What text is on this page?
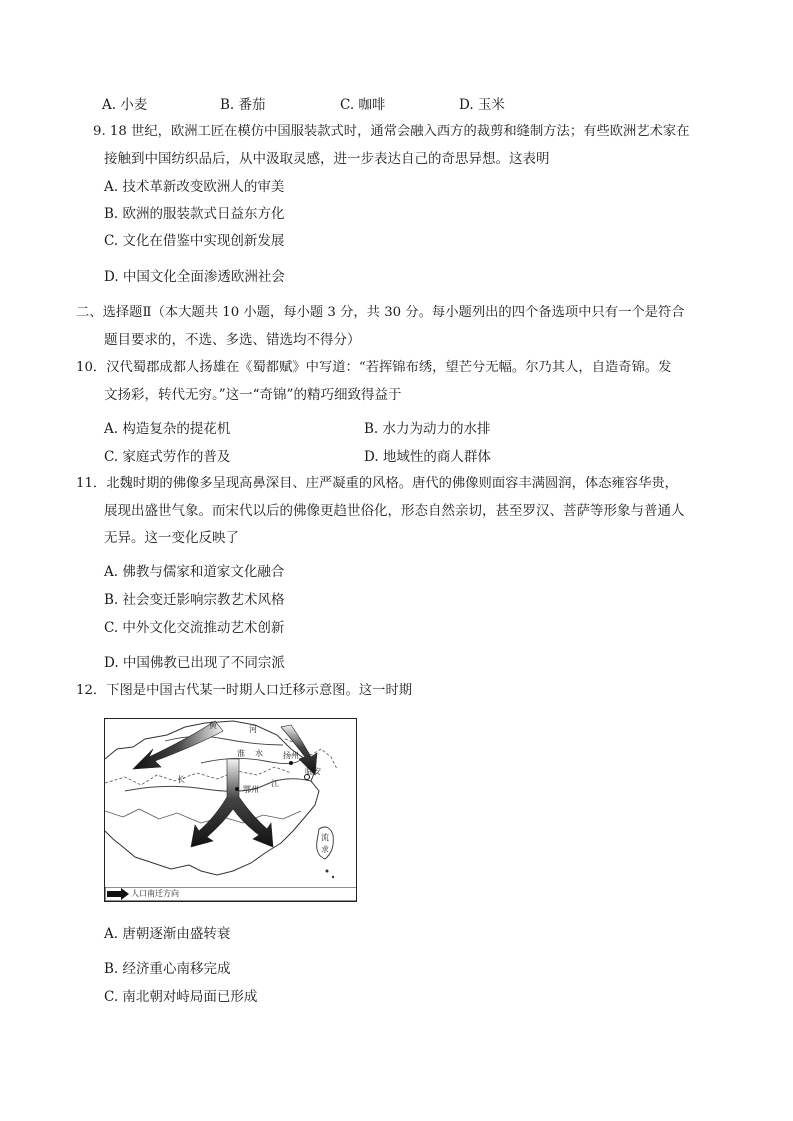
A. 小麦	B. 番茄	C. 咖啡	D. 玉米
9. 18 世纪，欧洲工匠在模仿中国服装款式时，通常会融入西方的裁剪和缝制方法；有些欧洲艺术家在
接触到中国纺织品后，从中汲取灵感，进一步表达自己的奇思异想。这表明
A. 技术革新改变欧洲人的审美
B. 欧洲的服装款式日益东方化
C. 文化在借鉴中实现创新发展
D. 中国文化全面渗透欧洲社会
二、选择题Ⅱ（本大题共 10 小题，每小题 3 分，共 30 分。每小题列出的四个备选项中只有一个是符合
题目要求的，不选、多选、错选均不得分）
10．汉代蜀郡成都人扬雄在《蜀都赋》中写道：“若挥锦布绣，望芒兮无幅。尔乃其人，自造奇锦。发
文扬彩，转代无穷。”这一“奇锦”的精巧细致得益于
A. 构造复杂的提花机	B. 水力为动力的水排
C. 家庭式劳作的普及	D. 地域性的商人群体
11．北魏时期的佛像多呈现高鼻深目、庄严凝重的风格。唐代的佛像则面容丰满圆润，体态雍容华贵，
展现出盛世气象。而宋代以后的佛像更趋世俗化，形态自然亲切，甚至罗汉、菩萨等形象与普通人
无异。这一变化反映了
A. 佛教与儒家和道家文化融合
B. 社会变迁影响宗教艺术风格
C. 中外文化交流推动艺术创新
D. 中国佛教已出现了不同宗派
12．下图是中国古代某一时期人口迁移示意图。这一时期
黄	河
淮 水
长	江
扬州
临安
鄂州
流
求
人口南迁方向
A. 唐朝逐渐由盛转衰
B. 经济重心南移完成
C. 南北朝对峙局面已形成
